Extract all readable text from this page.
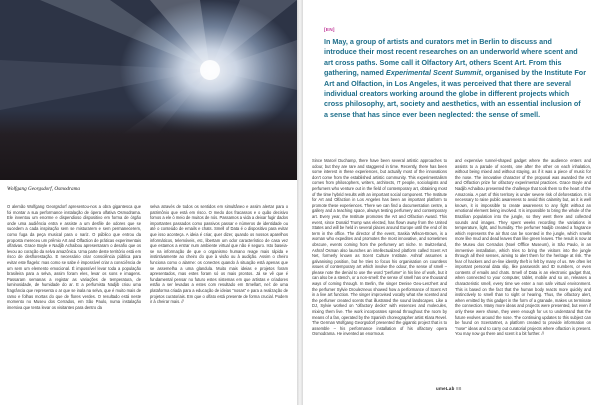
Wolfgang Georgsdorf, Osmodrama

O alemão Wolfgang Georgsdorf apresentou-nos a obra gigantesca que foi montar a sua performance instalação de ópera olfativa Osmodrama. Ele inventou um enorme e dispendioso dispositivo em forma de órgão onde uma audiência entra e assiste a um desfile de odores que se sucedem a cada inspiração sem se misturarem e sem permanecerem, como fuga da peça musical para o nariz. O público que entrou da proposta mereceu um prêmio Art and Olfaction de práticas experimentais olfativas. Grace Boyle e Nadjib Achaibou apresentaram o desafio que os levou ao coração da selva amazônica. Uma parte deste território está em risco de desflorestação. E necessário criar consciência pública para evitar este flagelo: mas como se sabe é impossível criar a consciência de um sem um elemento emocional. É impossível levar toda a população brasileira para a selva, assim foram eles, levar os sons e imagens. Passaram semanas a registar as variações de temperatura, de luminosidade, de humidade do ar. E a perfumista Nadjib criou uma fragrância que representa o ar que se inala na selva, que é muito mais de ramo e folhas mortas do que de flores verdes. O resultado está neste momento no Museu dos Cerrados, em São Paulo, numa instalação imersiva que tenta levar os visitantes para dentro da

selva através de todos os sentidos em simultâneo e assim alertar para o patrimônio que está em risco. O medo dos fracassos e o quão decisivo fomos a ele ó meio de muitos de nós. Passamos a vida a deixar fugir dados importantes passados como passivos passar e números de identidade ou até o conteúdo de emails e chats. Smell of Data é o dispositivo para evitar que isso aconteça. A ideia é criar, quer dizer, quando os nossos aparelhos informáticos, telemóveis, etc, libertam um odor característico de casa vez que estamos a entrar num ambiente virtual que não é seguro. Isto baseia-se na informação de que o organismo humano reage mais rápida e instintivamente ao cheiro do que à visão ou à audição. Assim o cheiro funciona como o alarme: os conectes quando à situação está apenas que se assemelha a uma glandula. Muito mais ideias e projetos foram apresentados, mas estes foram só os mais prontos. Já se vê que é fundamental pensar no futuro estes sistemas em que artistas e criadores estão a ser levadas a estes com resultado em Smellart, nel: de uma plataforma criada para a educação de ideias "nosas" e para a realização de projetos curatoriais. Em que o olfato está presente de forma crucial. Podem ir à cheirar mais. //

[EN]

In May, a group of artists and curators met in Berlin to discuss and introduce their most recent researches on an underworld where scent and art cross paths. Some call it Olfactory Art, others Scent Art. From this gathering, named Experimental Scent Summit, organised by the Institute For Art and Olfaction, in Los Angeles, it was perceived that there are several individual creators working around the globe in different projects which cross philosophy, art, society and aesthetics, with an essential inclusion of a sense that has since ever been neglected: the sense of smell.

Since Marcel Duchamp, there have been several artistic approaches to odour, but they are rare and staggered in time. Recently, there has been some interest in these experiences, but actually most of the innovations don't come from the established artistic community. This experimentalism comes from philosophers, writers, architects, IT people, sociologists and perfumers who venture out in the field of contemporary art, obtaining most of the time hybrid results with an important social component. The Institute for Art and Olfaction in Los Angeles has been an important platform to promote these experiences. There we can find a documentation centre, a gallery and a teaching space, always testing perfumery and contemporary art. Every year, the Institute promotes the Art and Olfaction Award. This event, since Donald Trump was elected, has flown away from the United States and will be held in several places around Europe until the end of its term in the office. The director of the event, Saskia Wilson-Brown, is a woman who expedites and promotes the most innovative, and sometimes obscure, events coming from the perfumery art niche. In Switzerland, Ashraf Osman also launches an intellectualized platform called Scent Art Net, formerly known as Scent Culture Institute. Ashraf assumes a galvanising position, but he tries to focus his organisation on countless issues of contemporary art which involve the odour, the sense of smell – please note the denial to use the word "perfume" in his line of work, but it can also be a stench, or a non-smell: the sense of smell has one thousand ways of coming through. In Berlin, the singer Denise Geu-Lenzhert and the perfumer Sylvie Droulezneux showed how a performance of Scent Art in a live art function. The singer improvised vocally what she scented and the perfumer created scents that illustrated the sound landscapes. Like a DJ, Sylvie worked on "olfactory decks" with essences and molecules, mixing them live. The work incorporates spread throughout the room by means of a fan, operated by the Spanish choreographer artist Klara Revel. The German Wolfgang Georgsdorf presented the gigantic project that is to assemble – his performance installation of his olfactory opera Osmodrama. He invented an enormous

and expensive tunnel-shaped gadget where the audience enters and assists to a parade of scents, one after the other on each inhalation, without being mixed and without staying, as if it was a piece of music for the nose. The innovative character of the proposal was awarded the Art and Olfaction prize for olfactory experimental practices. Grace Boyle and Nadjib Achaibou presented the challenge that took them to the heart of the Amazonia. A part of this territory is under severe risk of deforestation. It is necessary to raise public awareness to avoid this calamity but, as it is well known, it is impossible to create awareness to any fight without an emotional element being involved. It is impossible to bring the whole of the Brazilian population into the jungle, so they went there and collected sounds and images. They spent weeks recording the variations in temperature, light, and humidity. The perfumer Nadjib created a fragrance which represents the air that can be scented in the jungle, which smells more like mud and dead leaves than like green leaves. The result is now at the Museu dos Cerrados (Noel Offfice Museum), in São Paulo, in an immersive installation, which tries to bring the visitors into the jungle through all their senses, aiming to alert them for the heritage at risk. The fear of hackers and on-line identity theft is felt by many of us. We often let important personal data slip, like passwords and ID numbers, or even contents of emails and chats. Smell of Data is an electronic gadget that, when connected to your computer, tablet, mobile and so on, releases a characteristic smell, every time we enter a non safe virtual environment. This is based on the fact that the human body reacts more quickly and instinctively to smell than to sight or hearing. Thus, the olfactory alert, when emitted by this gadget in the form of a granade, makes us terminate the connection. Many more ideas and projects were presented, but even if only these were shown, they were enough for us to understand that the future evolves around the nose. The continuing updates to this subject can be found on Scentartnet, a platform created to provide information on "nose" ideas and to carry out curatorial projects where olfaction is present. You may now go there and scent it a bit further. //

umeLab 88
